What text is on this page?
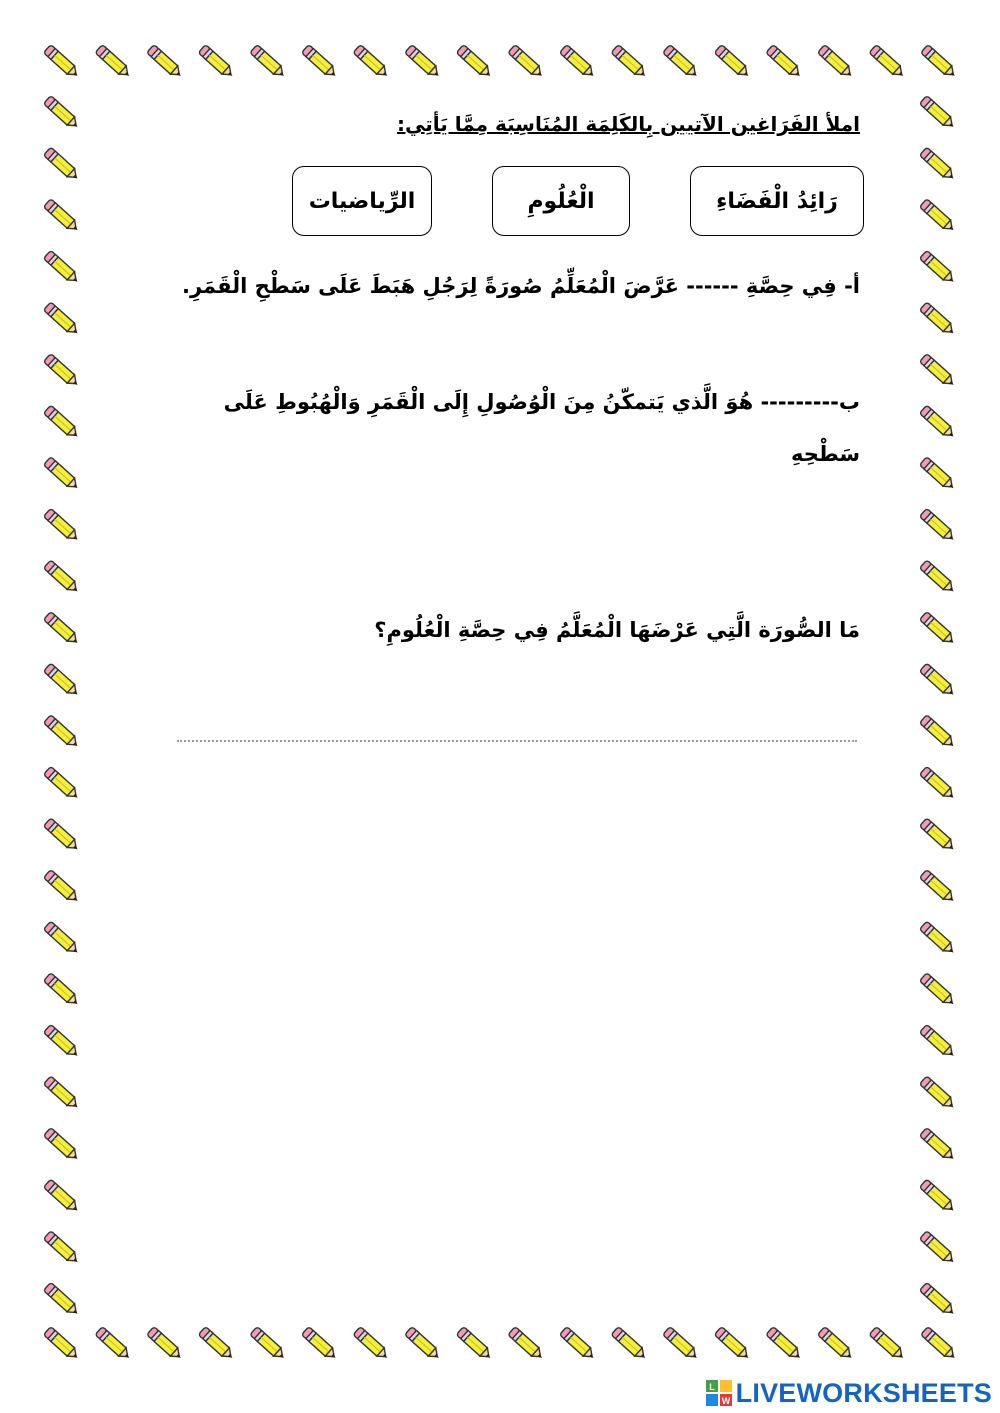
املأ الفَرَاغين الآتيين بِالكَلِمَة المُنَاسِبَة مِمَّا يَأتِي:
رَائِدُ الْفَضَاءِ
الْعُلُومِ
الرِّياضيات
أ- فِي حِصَّةِ ------ عَرَّضَ الْمُعَلِّمُ صُورَةً لِرَجُلِ هَبَطَ عَلَى سَطْحِ الْقَمَرِ.
ب--------- هُوَ الَّذي يَتمكّنُ مِنَ الْوُصُولِ إِلَى الْقَمَرِ وَالْهُبُوطِ عَلَى سَطْحِهِ
مَا الصُّورَة الَّتِي عَرْضَهَا الْمُعَلَّمُ فِي حِصَّةِ الْعُلُومِ؟
L
W LIVEWORKSHEETS
